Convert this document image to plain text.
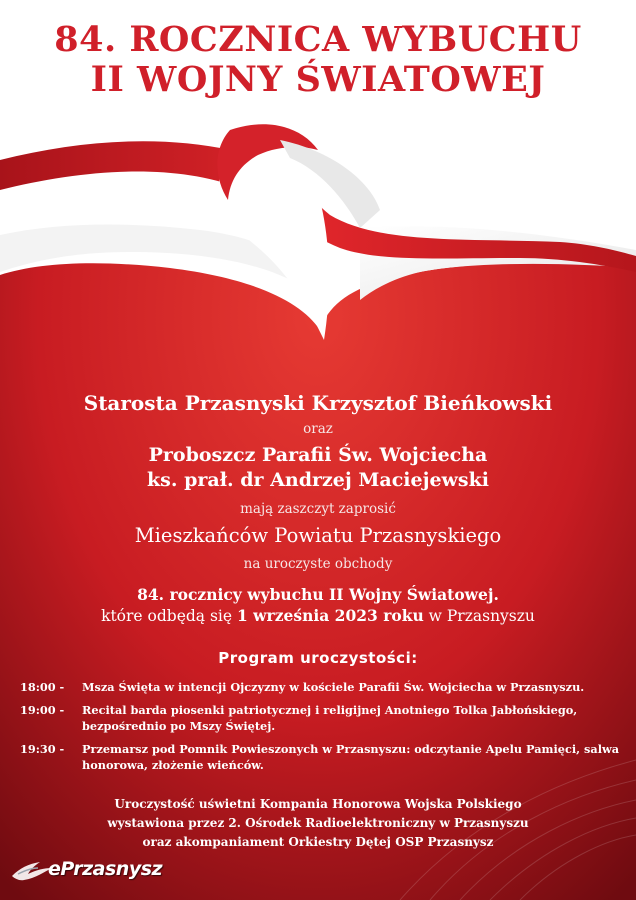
84. ROCZNICA WYBUCHU
II WOJNY ŚWIATOWEJ
Starosta Przasnyski Krzysztof Bieńkowski
oraz
Proboszcz Parafii Św. Wojciecha
ks. prał. dr Andrzej Maciejewski
mają zaszczyt zaprosić
Mieszkańców Powiatu Przasnyskiego
na uroczyste obchody
84. rocznicy wybuchu II Wojny Światowej.
które odbędą się 1 września 2023 roku w Przasnyszu
Program uroczystości:
18:00 -	Msza Święta w intencji Ojczyzny w kościele Parafii Św. Wojciecha w Przasnyszu.
19:00 -	Recital barda piosenki patriotycznej i religijnej Anotniego Tolka Jabłońskiego, bezpośrednio po Mszy Świętej.
19:30 -	Przemarsz pod Pomnik Powieszonych w Przasnyszu: odczytanie Apelu Pamięci, salwa honorowa, złożenie wieńców.
Uroczystość uświetni Kompania Honorowa Wojska Polskiego
wystawiona przez 2. Ośrodek Radioelektroniczny w Przasnyszu
oraz akompaniament Orkiestry Dętej OSP Przasnysz
ePrzasnysz
